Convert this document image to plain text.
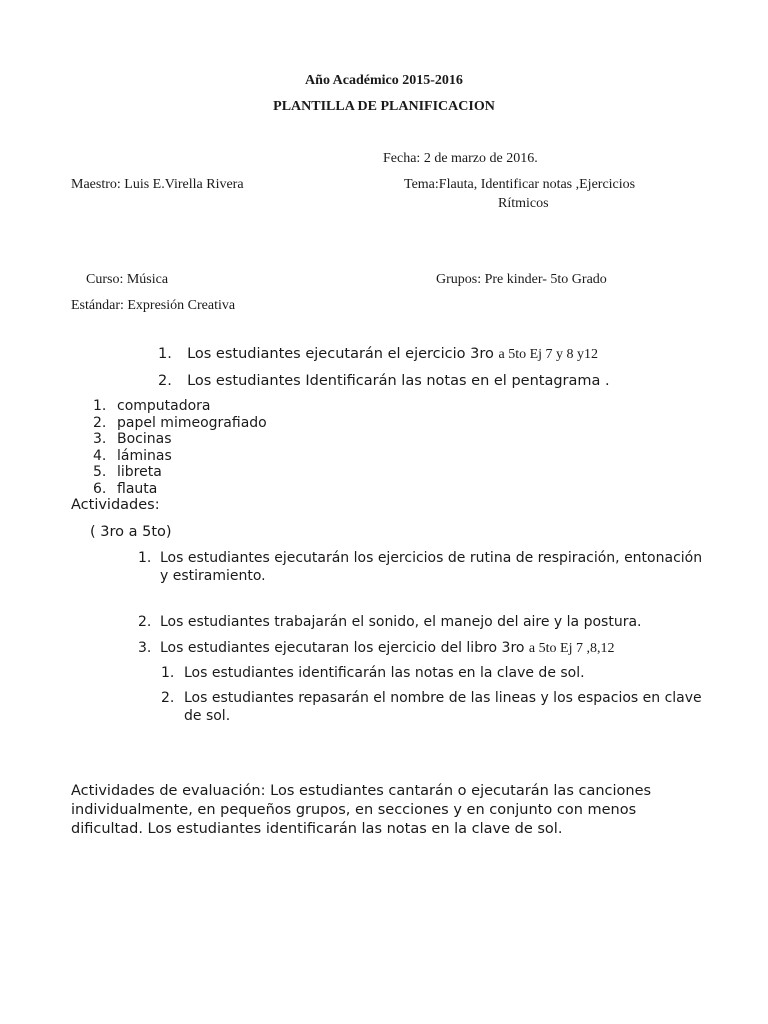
Año Académico 2015-2016
PLANTILLA DE PLANIFICACION
Fecha: 2 de marzo de 2016.
Maestro: Luis E.Virella Rivera	Tema:Flauta, Identificar notas ,Ejercicios
Rítmicos
Curso: Música	Grupos: Pre kinder- 5to Grado
Estándar: Expresión Creativa
1. Los estudiantes ejecutarán el ejercicio 3ro a 5to Ej 7 y 8 y12
2. Los estudiantes Identificarán las notas en el pentagrama .
1. computadora
2. papel mimeografiado
3. Bocinas
4. láminas
5. libreta
6. flauta
Actividades:
( 3ro a 5to)
1. Los estudiantes ejecutarán los ejercicios de rutina de respiración, entonación
y estiramiento.
2. Los estudiantes trabajarán el sonido, el manejo del aire y la postura.
3. Los estudiantes ejecutaran los ejercicio del libro 3ro a 5to Ej 7 ,8,12
1. Los estudiantes identificarán las notas en la clave de sol.
2. Los estudiantes repasarán el nombre de las lineas y los espacios en clave
de sol.
Actividades de evaluación: Los estudiantes cantarán o ejecutarán las canciones
individualmente, en pequeños grupos, en secciones y en conjunto con menos
dificultad. Los estudiantes identificarán las notas en la clave de sol.
